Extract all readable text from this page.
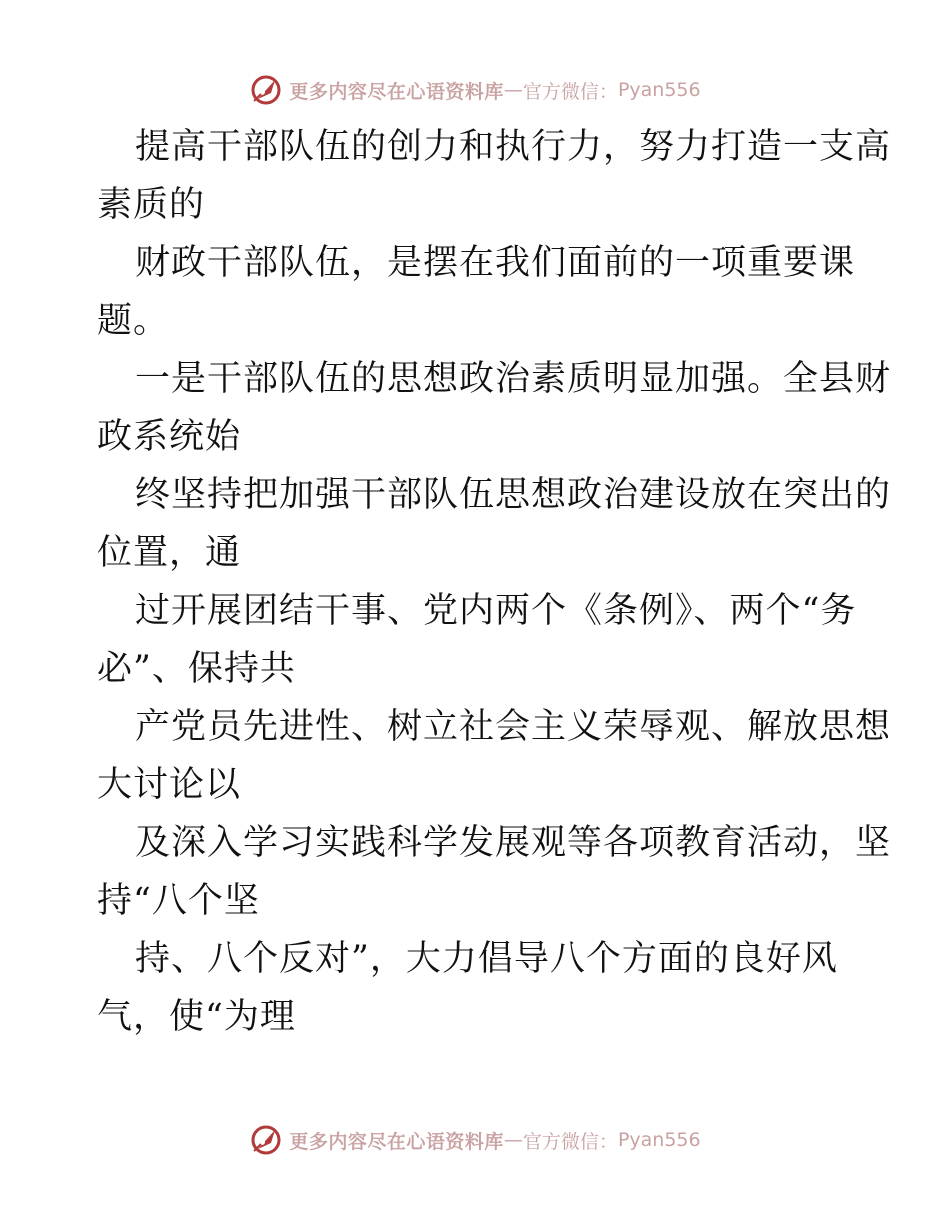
更多内容尽在心语资料库 — 官方微信： Pyan556
提高干部队伍的创力和执行力，努力打造一支高
素质的
财政干部队伍，是摆在我们面前的一项重要课
题。
一是干部队伍的思想政治素质明显加强。全县财
政系统始
终坚持把加强干部队伍思想政治建设放在突出的
位置，通
过开展团结干事、党内两个《条例》、两个“务
必”、保持共
产党员先进性、树立社会主义荣辱观、解放思想
大讨论以
及深入学习实践科学发展观等各项教育活动，坚
持“八个坚
持、八个反对”，大力倡导八个方面的良好风
气，使“为理
更多内容尽在心语资料库 — 官方微信： Pyan556
